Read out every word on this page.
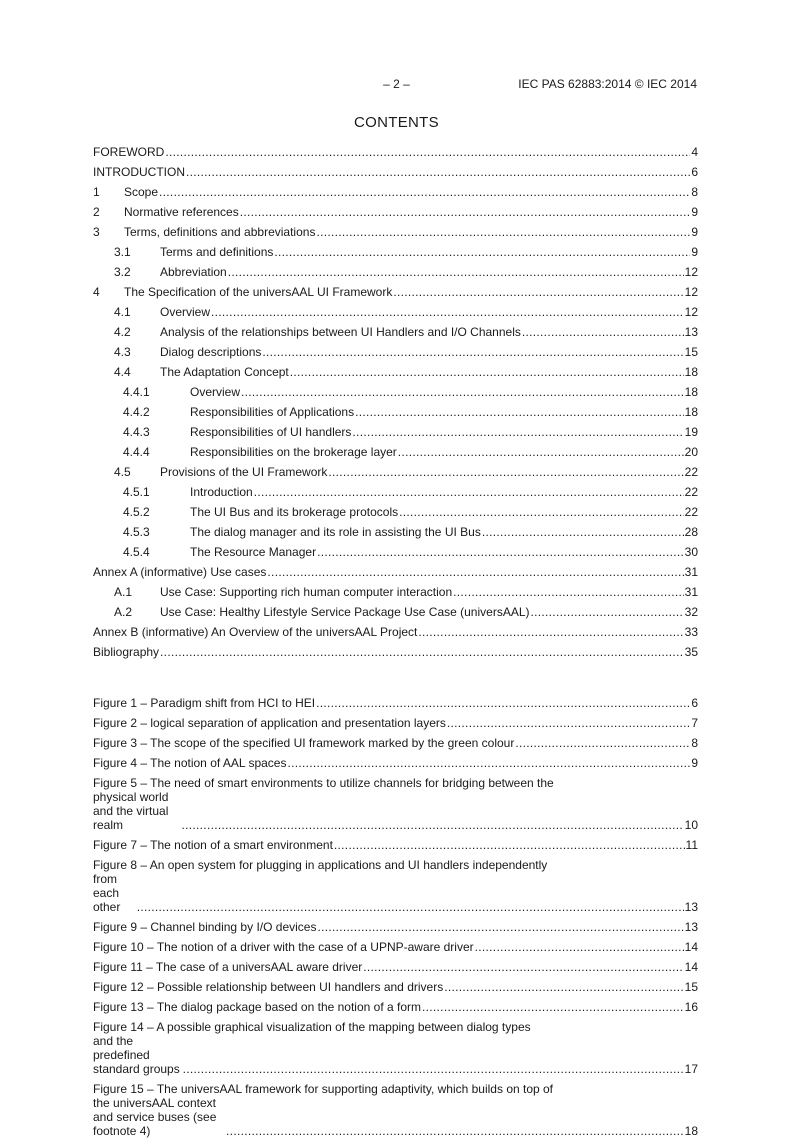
– 2 –	IEC PAS 62883:2014 © IEC 2014
CONTENTS
FOREWORD .....	4
INTRODUCTION .....	6
1	Scope .....	8
2	Normative references .....	9
3	Terms, definitions and abbreviations .....	9
3.1	Terms and definitions .....	9
3.2	Abbreviation .....	12
4	The Specification of the universAAL UI Framework .....	12
4.1	Overview .....	12
4.2	Analysis of the relationships between UI Handlers and I/O Channels .....	13
4.3	Dialog descriptions .....	15
4.4	The Adaptation Concept .....	18
4.4.1	Overview .....	18
4.4.2	Responsibilities of Applications .....	18
4.4.3	Responsibilities of UI handlers .....	19
4.4.4	Responsibilities on the brokerage layer .....	20
4.5	Provisions of the UI Framework .....	22
4.5.1	Introduction .....	22
4.5.2	The UI Bus and its brokerage protocols .....	22
4.5.3	The dialog manager and its role in assisting the UI Bus .....	28
4.5.4	The Resource Manager .....	30
Annex A (informative) Use cases .....	31
A.1	Use Case: Supporting rich human computer interaction .....	31
A.2	Use Case: Healthy Lifestyle Service Package Use Case (universAAL) .....	32
Annex B (informative) An Overview of the universAAL Project .....	33
Bibliography .....	35
Figure 1 – Paradigm shift from HCI to HEI .....	6
Figure 2 – logical separation of application and presentation layers .....	7
Figure 3 – The scope of the specified UI framework marked by the green colour .....	8
Figure 4 – The notion of AAL spaces .....	9
Figure 5 – The need of smart environments to utilize channels for bridging between the
physical world and the virtual realm .....	10
Figure 7 – The notion of a smart environment .....	11
Figure 8 – An open system for plugging in applications and UI handlers independently
from each other .....	13
Figure 9 – Channel binding by I/O devices .....	13
Figure 10 – The notion of a driver with the case of a UPNP-aware driver .....	14
Figure 11 – The case of a universAAL aware driver .....	14
Figure 12 – Possible relationship between UI handlers and drivers .....	15
Figure 13 – The dialog package based on the notion of a form .....	16
Figure 14 – A possible graphical visualization of the mapping between dialog types
and the predefined standard groups .....	17
Figure 15 – The universAAL framework for supporting adaptivity, which builds on top of
the universAAL context and service buses (see footnote 4) .....	18
